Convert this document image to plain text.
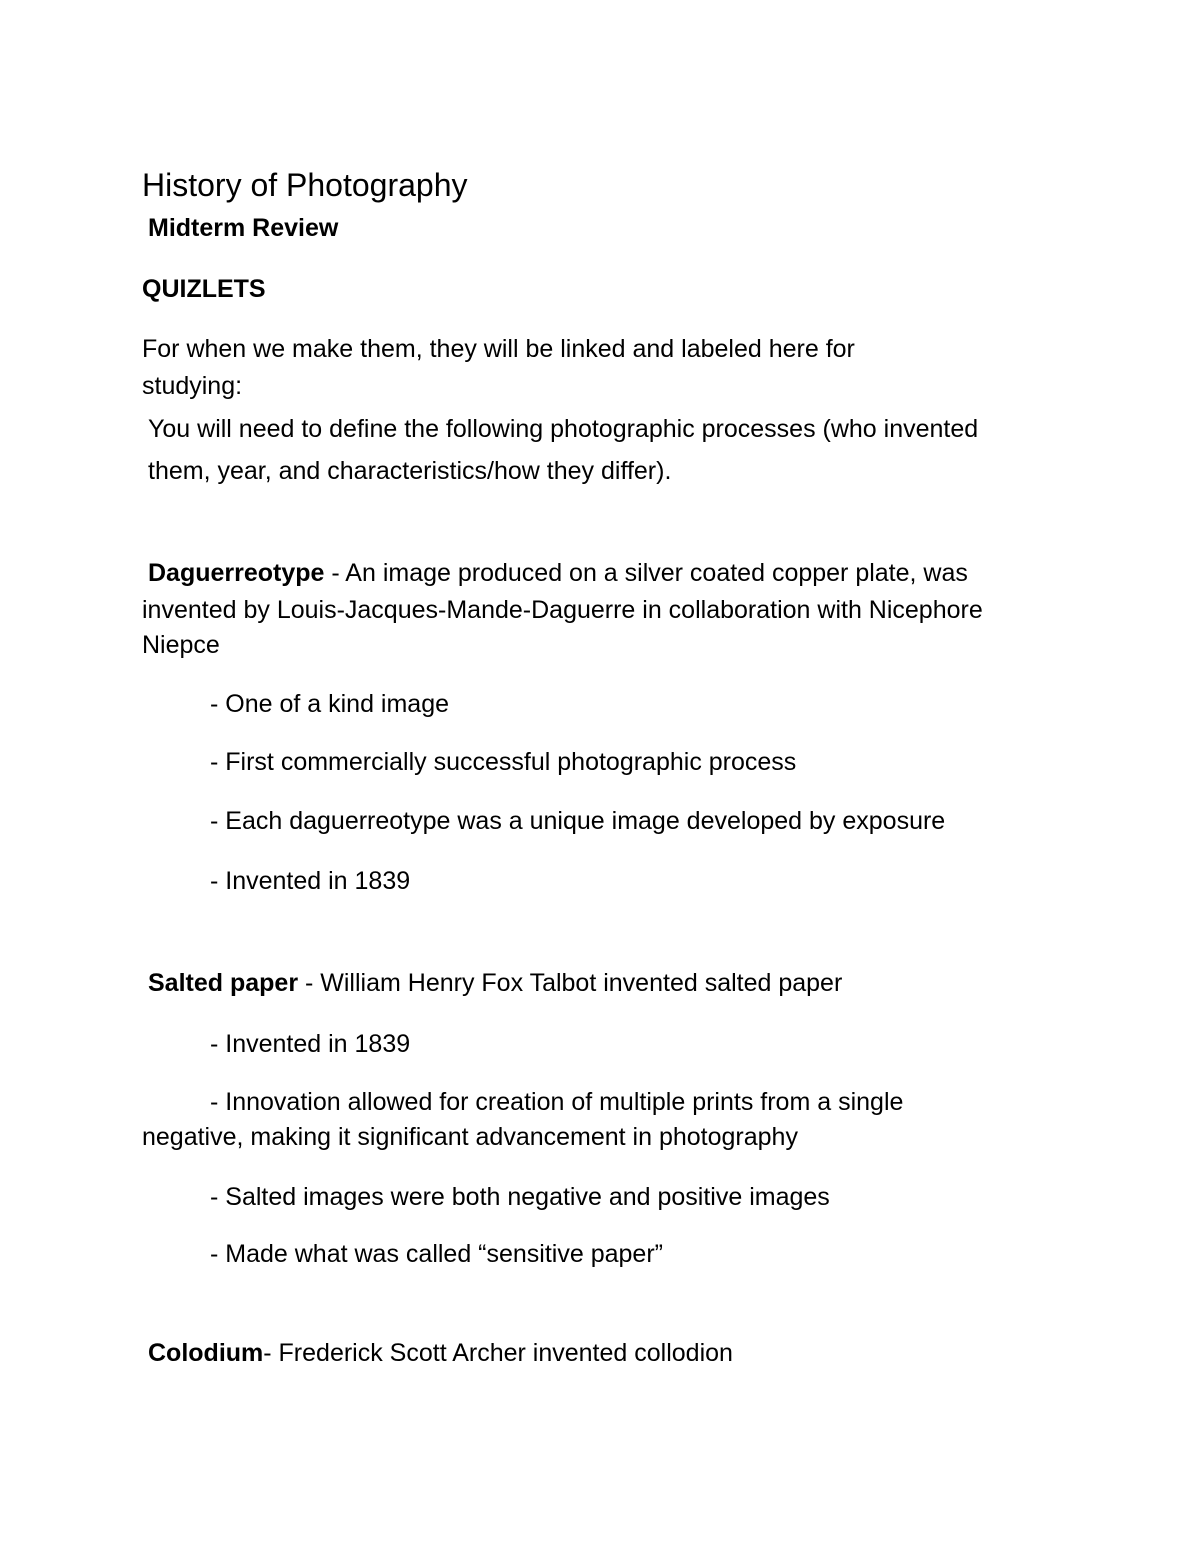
History of Photography
Midterm Review
QUIZLETS
For when we make them, they will be linked and labeled here for
studying:
You will need to define the following photographic processes (who invented
them, year, and characteristics/how they differ).
Daguerreotype - An image produced on a silver coated copper plate, was
invented by Louis-Jacques-Mande-Daguerre in collaboration with Nicephore
Niepce
- One of a kind image
- First commercially successful photographic process
- Each daguerreotype was a unique image developed by exposure
- Invented in 1839
Salted paper - William Henry Fox Talbot invented salted paper
- Invented in 1839
- Innovation allowed for creation of multiple prints from a single
negative, making it significant advancement in photography
- Salted images were both negative and positive images
- Made what was called “sensitive paper”
Colodium- Frederick Scott Archer invented collodion
